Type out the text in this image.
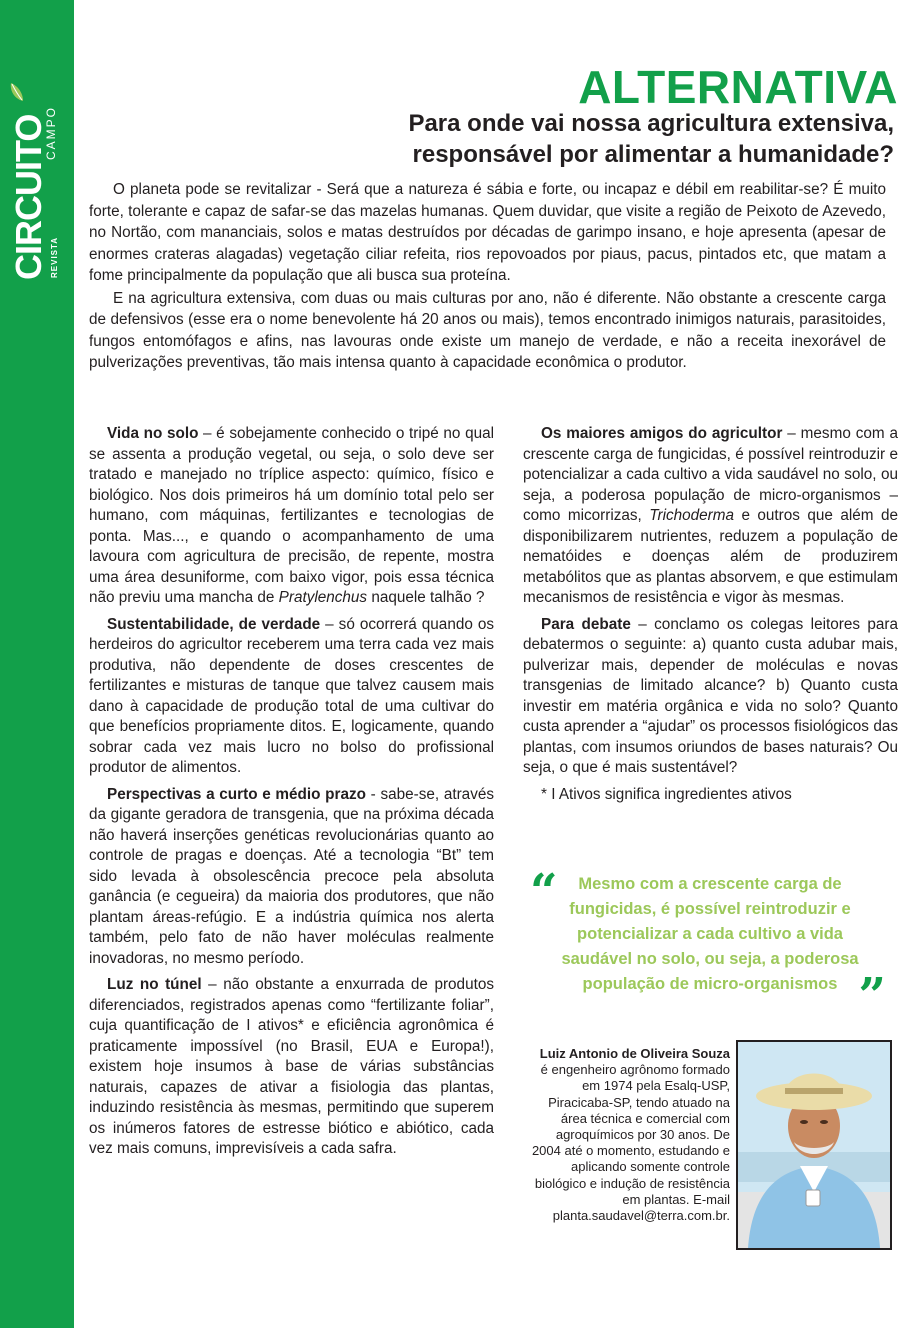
CIRCUITO REVISTA
CAMPO
ALTERNATIVA
Para onde vai nossa agricultura extensiva,
responsável por alimentar a humanidade?

O planeta pode se revitalizar - Será que a natureza é sábia e forte, ou incapaz e débil em reabilitar-se? É muito forte, tolerante e capaz de safar-se das mazelas humanas. Quem duvidar, que visite a região de Peixoto de Azevedo, no Nortão, com mananciais, solos e matas destruídos por décadas de garimpo insano, e hoje apresenta (apesar de enormes crateras alagadas) vegetação ciliar refeita, rios repovoados por piaus, pacus, pintados etc, que matam a fome principalmente da população que ali busca sua proteína.

E na agricultura extensiva, com duas ou mais culturas por ano, não é diferente. Não obstante a crescente carga de defensivos (esse era o nome benevolente há 20 anos ou mais), temos encontrado inimigos naturais, parasitoides, fungos entomófagos e afins, nas lavouras onde existe um manejo de verdade, e não a receita inexorável de pulverizações preventivas, tão mais intensa quanto à capacidade econômica o produtor.

Vida no solo – é sobejamente conhecido o tripé no qual se assenta a produção vegetal, ou seja, o solo deve ser tratado e manejado no tríplice aspecto: químico, físico e biológico. Nos dois primeiros há um domínio total pelo ser humano, com máquinas, fertilizantes e tecnologias de ponta. Mas..., e quando o acompanhamento de uma lavoura com agricultura de precisão, de repente, mostra uma área desuniforme, com baixo vigor, pois essa técnica não previu uma mancha de Pratylenchus naquele talhão ?

Sustentabilidade, de verdade – só ocorrerá quando os herdeiros do agricultor receberem uma terra cada vez mais produtiva, não dependente de doses crescentes de fertilizantes e misturas de tanque que talvez causem mais dano à capacidade de produção total de uma cultivar do que benefícios propriamente ditos. E, logicamente, quando sobrar cada vez mais lucro no bolso do profissional produtor de alimentos.

Perspectivas a curto e médio prazo - sabe-se, através da gigante geradora de transgenia, que na próxima década não haverá inserções genéticas revolucionárias quanto ao controle de pragas e doenças. Até a tecnologia “Bt” tem sido levada à obsolescência precoce pela absoluta ganância (e cegueira) da maioria dos produtores, que não plantam áreas-refúgio. E a indústria química nos alerta também, pelo fato de não haver moléculas realmente inovadoras, no mesmo período.

Luz no túnel – não obstante a enxurrada de produtos diferenciados, registrados apenas como “fertilizante foliar”, cuja quantificação de I ativos* e eficiência agronômica é praticamente impossível (no Brasil, EUA e Europa!), existem hoje insumos à base de várias substâncias naturais, capazes de ativar a fisiologia das plantas, induzindo resistência às mesmas, permitindo que superem os inúmeros fatores de estresse biótico e abiótico, cada vez mais comuns, imprevisíveis a cada safra.

Os maiores amigos do agricultor – mesmo com a crescente carga de fungicidas, é possível reintroduzir e potencializar a cada cultivo a vida saudável no solo, ou seja, a poderosa população de micro-organismos – como micorrizas, Trichoderma e outros que além de disponibilizarem nutrientes, reduzem a população de nematóides e doenças além de produzirem metabólitos que as plantas absorvem, e que estimulam mecanismos de resistência e vigor às mesmas.

Para debate – conclamo os colegas leitores para debatermos o seguinte: a) quanto custa adubar mais, pulverizar mais, depender de moléculas e novas transgenias de limitado alcance? b) Quanto custa investir em matéria orgânica e vida no solo? Quanto custa aprender a “ajudar” os processos fisiológicos das plantas, com insumos oriundos de bases naturais? Ou seja, o que é mais sustentável?

* I Ativos significa ingredientes ativos

“	Mesmo com a crescente carga de fungicidas, é possível reintroduzir e potencializar a cada cultivo a vida saudável no solo, ou seja, a poderosa população de micro-organismos ”
Luiz Antonio de Oliveira Souza é engenheiro agrônomo formado em 1974 pela Esalq-USP, Piracicaba-SP, tendo atuado na área técnica e comercial com agroquímicos por 30 anos. De 2004 até o momento, estudando e aplicando somente controle biológico e indução de resistência em plantas. E-mail planta.saudavel@terra.com.br.
